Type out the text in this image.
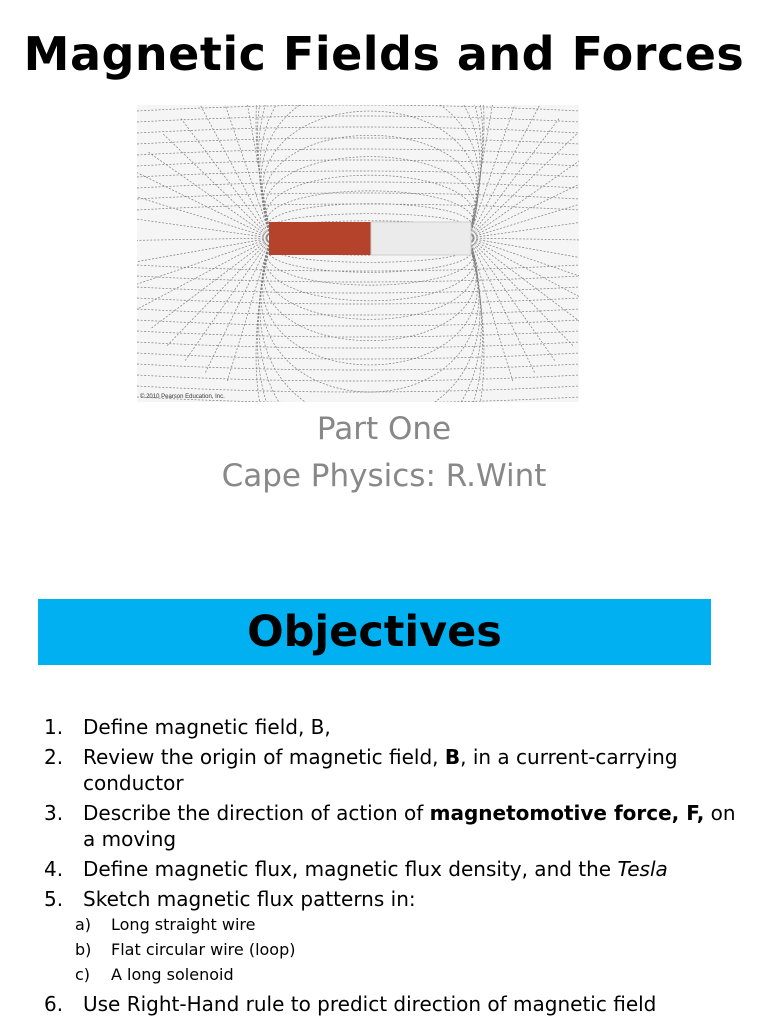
Magnetic Fields and Forces
© 2010 Pearson Education, Inc.
Part One
Cape Physics: R.Wint
Objectives
1. Define magnetic field, B,
2. Review the origin of magnetic field, B, in a current-carrying conductor
3. Describe the direction of action of magnetomotive force, F, on a moving
4. Define magnetic flux, magnetic flux density, and the Tesla
5. Sketch magnetic flux patterns in:
a) Long straight wire
b) Flat circular wire (loop)
c) A long solenoid
6. Use Right-Hand rule to predict direction of magnetic field
